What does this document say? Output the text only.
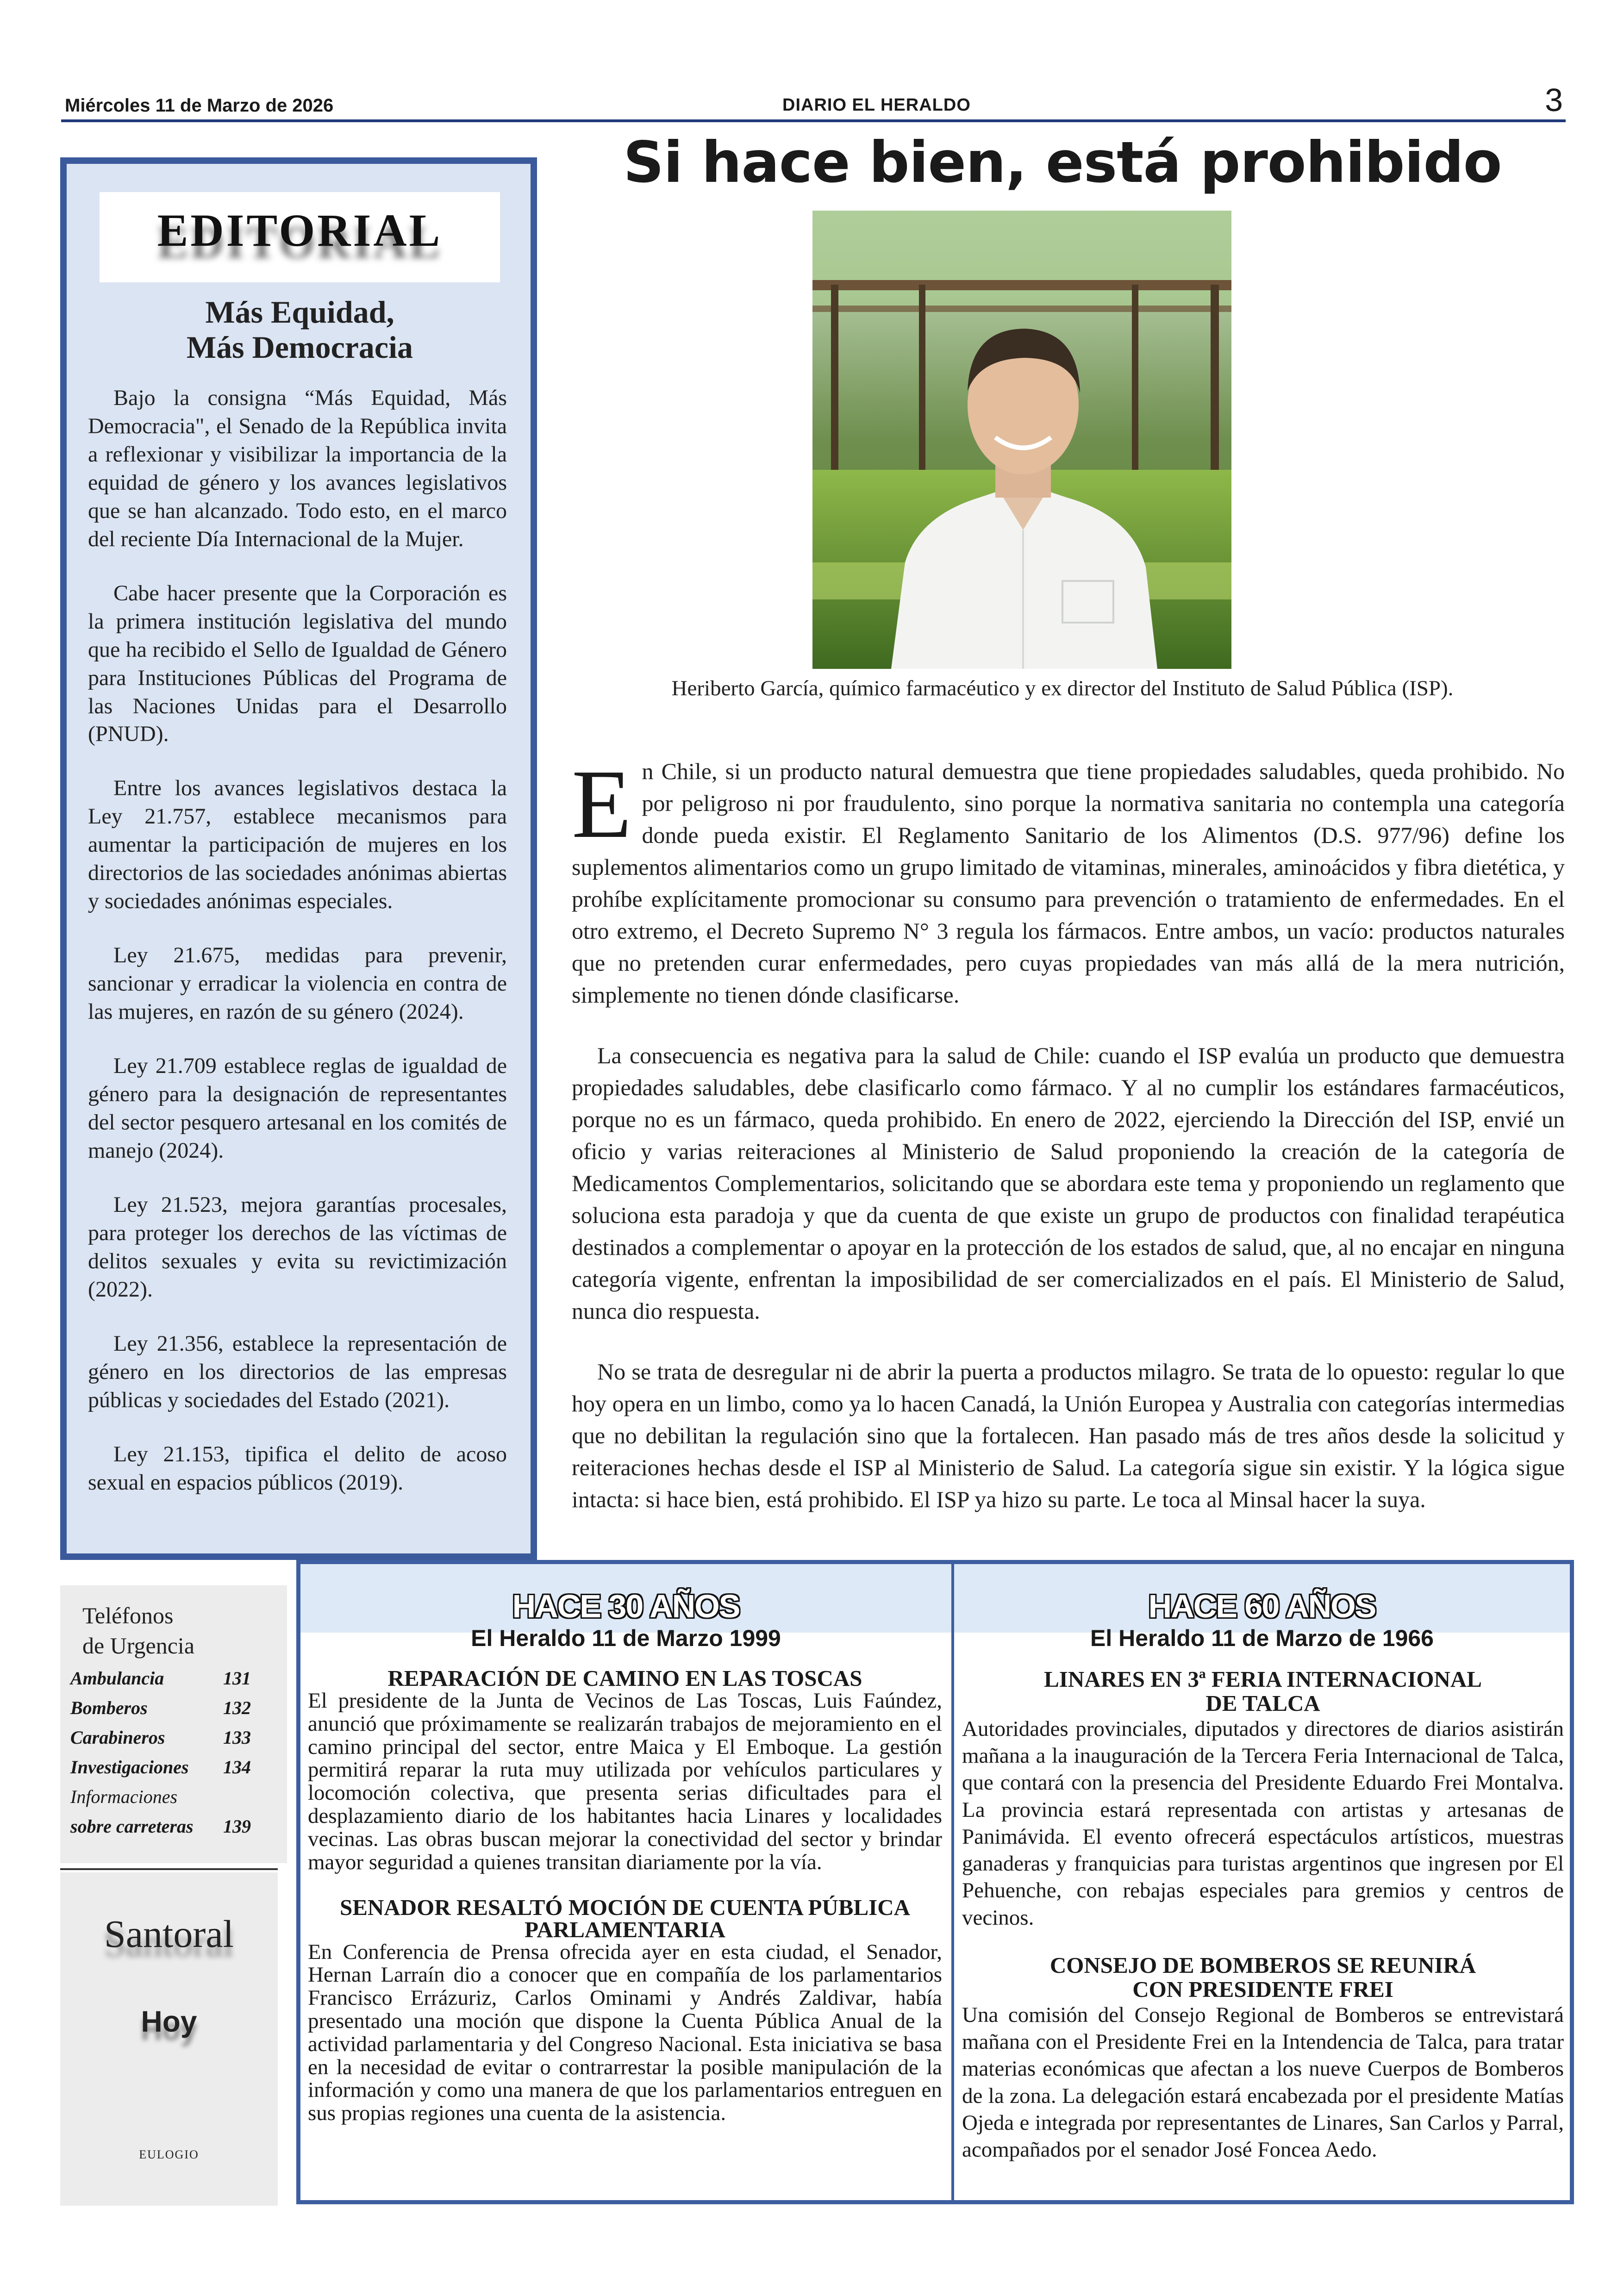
Miércoles 11 de Marzo de 2026	DIARIO EL HERALDO	3
EDITORIAL
Más Equidad,
Más Democracia

Bajo la consigna “Más Equidad, Más Democracia", el Senado de la República invita a reflexionar y visibilizar la importancia de la equidad de género y los avances legislativos que se han alcanzado. Todo esto, en el marco del reciente Día Internacional de la Mujer.

Cabe hacer presente que la Corporación es la primera institución legislativa del mundo que ha recibido el Sello de Igualdad de Género para Instituciones Públicas del Programa de las Naciones Unidas para el Desarrollo (PNUD).

Entre los avances legislativos destaca la Ley 21.757, establece mecanismos para aumentar la participación de mujeres en los directorios de las sociedades anónimas abiertas y sociedades anónimas especiales.

Ley 21.675, medidas para prevenir, sancionar y erradicar la violencia en contra de las mujeres, en razón de su género (2024).

Ley 21.709 establece reglas de igualdad de género para la designación de representantes del sector pesquero artesanal en los comités de manejo (2024).

Ley 21.523, mejora garantías procesales, para proteger los derechos de las víctimas de delitos sexuales y evita su revictimización (2022).

Ley 21.356, establece la representación de género en los directorios de las empresas públicas y sociedades del Estado (2021).

Ley 21.153, tipifica el delito de acoso sexual en espacios públicos (2019).

Si hace bien, está prohibido
Heriberto García, químico farmacéutico y ex director del Instituto de Salud Pública (ISP).

En Chile, si un producto natural demuestra que tiene propiedades saludables, queda prohibido. No por peligroso ni por fraudulento, sino porque la normativa sanitaria no contempla una categoría donde pueda existir. El Reglamento Sanitario de los Alimentos (D.S. 977/96) define los suplementos alimentarios como un grupo limitado de vitaminas, minerales, aminoácidos y fibra dietética, y prohíbe explícitamente promocionar su consumo para prevención o tratamiento de enfermedades. En el otro extremo, el Decreto Supremo N° 3 regula los fármacos. Entre ambos, un vacío: productos naturales que no pretenden curar enfermedades, pero cuyas propiedades van más allá de la mera nutrición, simplemente no tienen dónde clasificarse.

La consecuencia es negativa para la salud de Chile: cuando el ISP evalúa un producto que demuestra propiedades saludables, debe clasificarlo como fármaco. Y al no cumplir los estándares farmacéuticos, porque no es un fármaco, queda prohibido. En enero de 2022, ejerciendo la Dirección del ISP, envié un oficio y varias reiteraciones al Ministerio de Salud proponiendo la creación de la categoría de Medicamentos Complementarios, solicitando que se abordara este tema y proponiendo un reglamento que soluciona esta paradoja y que da cuenta de que existe un grupo de productos con finalidad terapéutica destinados a complementar o apoyar en la protección de los estados de salud, que, al no encajar en ninguna categoría vigente, enfrentan la imposibilidad de ser comercializados en el país. El Ministerio de Salud, nunca dio respuesta.

No se trata de desregular ni de abrir la puerta a productos milagro. Se trata de lo opuesto: regular lo que hoy opera en un limbo, como ya lo hacen Canadá, la Unión Europea y Australia con categorías intermedias que no debilitan la regulación sino que la fortalecen. Han pasado más de tres años desde la solicitud y reiteraciones hechas desde el ISP al Ministerio de Salud. La categoría sigue sin existir. Y la lógica sigue intacta: si hace bien, está prohibido. El ISP ya hizo su parte. Le toca al Minsal hacer la suya.

Teléfonos
de Urgencia
Ambulancia	131
Bomberos	132
Carabineros	133
Investigaciones 134
Informaciones
sobre carreteras 139
Santoral
Hoy
EULOGIO
HACE 30 AÑOS
El Heraldo 11 de Marzo 1999
HACE 60 AÑOS
El Heraldo 11 de Marzo de 1966

REPARACIÓN DE CAMINO EN LAS TOSCAS

El presidente de la Junta de Vecinos de Las Toscas, Luis Faúndez, anunció que próximamente se realizarán trabajos de mejoramiento en el camino principal del sector, entre Maica y El Emboque. La gestión permitirá reparar la ruta muy utilizada por vehículos particulares y locomoción colectiva, que presenta serias dificultades para el desplazamiento diario de los habitantes hacia Linares y localidades vecinas. Las obras buscan mejorar la conectividad del sector y brindar mayor seguridad a quienes transitan diariamente por la vía.

SENADOR RESALTÓ MOCIÓN DE CUENTA PÚBLICA PARLAMENTARIA

En Conferencia de Prensa ofrecida ayer en esta ciudad, el Senador, Hernan Larraín dio a conocer que en compañía de los parlamentarios Francisco Errázuriz, Carlos Ominami y Andrés Zaldivar, había presentado una moción que dispone la Cuenta Pública Anual de la actividad parlamentaria y del Congreso Nacional. Esta iniciativa se basa en la necesidad de evitar o contrarrestar la posible manipulación de la información y como una manera de que los parlamentarios entreguen en sus propias regiones una cuenta de la asistencia.

LINARES EN 3ª FERIA INTERNACIONAL
DE TALCA

Autoridades provinciales, diputados y directores de diarios asistirán mañana a la inauguración de la Tercera Feria Internacional de Talca, que contará con la presencia del Presidente Eduardo Frei Montalva. La provincia estará representada con artistas y artesanas de Panimávida. El evento ofrecerá espectáculos artísticos, muestras ganaderas y franquicias para turistas argentinos que ingresen por El Pehuenche, con rebajas especiales para gremios y centros de vecinos.

CONSEJO DE BOMBEROS SE REUNIRÁ
CON PRESIDENTE FREI

Una comisión del Consejo Regional de Bomberos se entrevistará mañana con el Presidente Frei en la Intendencia de Talca, para tratar materias económicas que afectan a los nueve Cuerpos de Bomberos de la zona. La delegación estará encabezada por el presidente Matías Ojeda e integrada por representantes de Linares, San Carlos y Parral, acompañados por el senador José Foncea Aedo.
